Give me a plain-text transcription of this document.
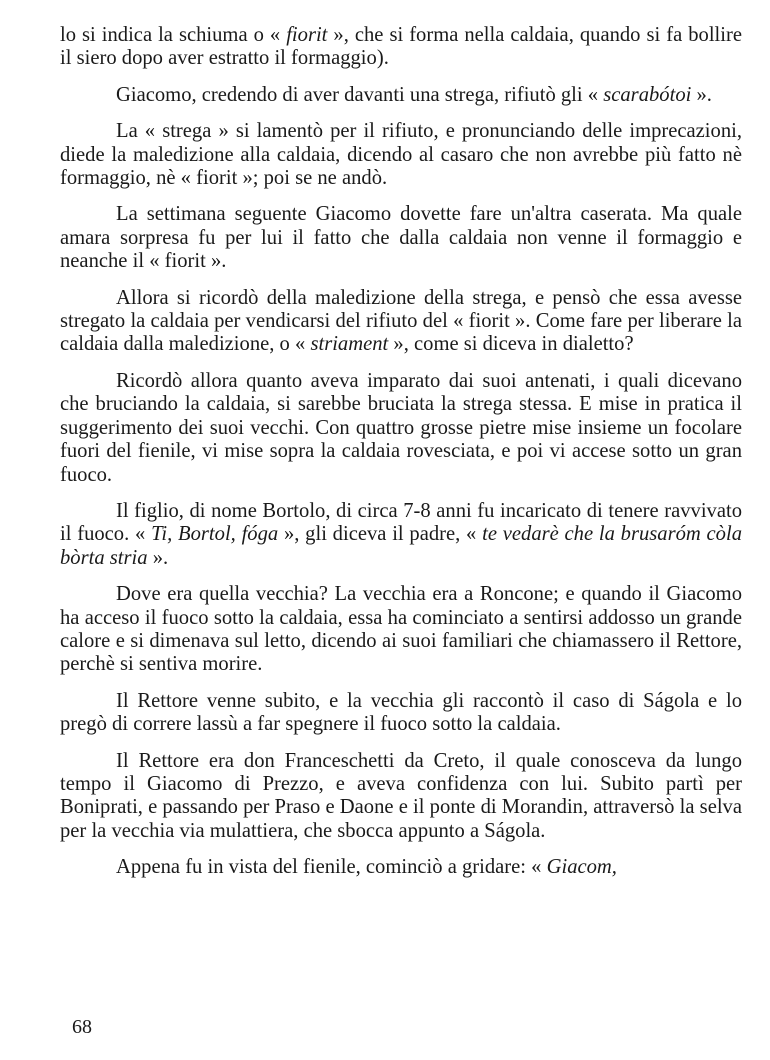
lo si indica la schiuma o « fiorit », che si forma nella caldaia, quando si fa bollire il siero dopo aver estratto il formaggio).

Giacomo, credendo di aver davanti una strega, rifiutò gli « scarabótoi ».

La « strega » si lamentò per il rifiuto, e pronunciando delle imprecazioni, diede la maledizione alla caldaia, dicendo al casaro che non avrebbe più fatto nè formaggio, nè « fiorit »; poi se ne andò.

La settimana seguente Giacomo dovette fare un'altra caserata. Ma quale amara sorpresa fu per lui il fatto che dalla caldaia non venne il formaggio e neanche il « fiorit ».

Allora si ricordò della maledizione della strega, e pensò che essa avesse stregato la caldaia per vendicarsi del rifiuto del « fiorit ». Come fare per liberare la caldaia dalla maledizione, o « striament », come si diceva in dialetto?

Ricordò allora quanto aveva imparato dai suoi antenati, i quali dicevano che bruciando la caldaia, si sarebbe bruciata la strega stessa. E mise in pratica il suggerimento dei suoi vecchi. Con quattro grosse pietre mise insieme un focolare fuori del fienile, vi mise sopra la caldaia rovesciata, e poi vi accese sotto un gran fuoco.

Il figlio, di nome Bortolo, di circa 7-8 anni fu incaricato di tenere ravvivato il fuoco. « Ti, Bortol, fóga », gli diceva il padre, « te vedarè che la brusaróm còla bòrta stria ».

Dove era quella vecchia? La vecchia era a Roncone; e quando il Giacomo ha acceso il fuoco sotto la caldaia, essa ha cominciato a sentirsi addosso un grande calore e si dimenava sul letto, dicendo ai suoi familiari che chiamassero il Rettore, perchè si sentiva morire.

Il Rettore venne subito, e la vecchia gli raccontò il caso di Ságola e lo pregò di correre lassù a far spegnere il fuoco sotto la caldaia.

Il Rettore era don Franceschetti da Creto, il quale conosceva da lungo tempo il Giacomo di Prezzo, e aveva confidenza con lui. Subito partì per Boniprati, e passando per Praso e Daone e il ponte di Morandin, attraversò la selva per la vecchia via mulattiera, che sbocca appunto a Ságola.

Appena fu in vista del fienile, cominciò a gridare: « Giacom,

68
